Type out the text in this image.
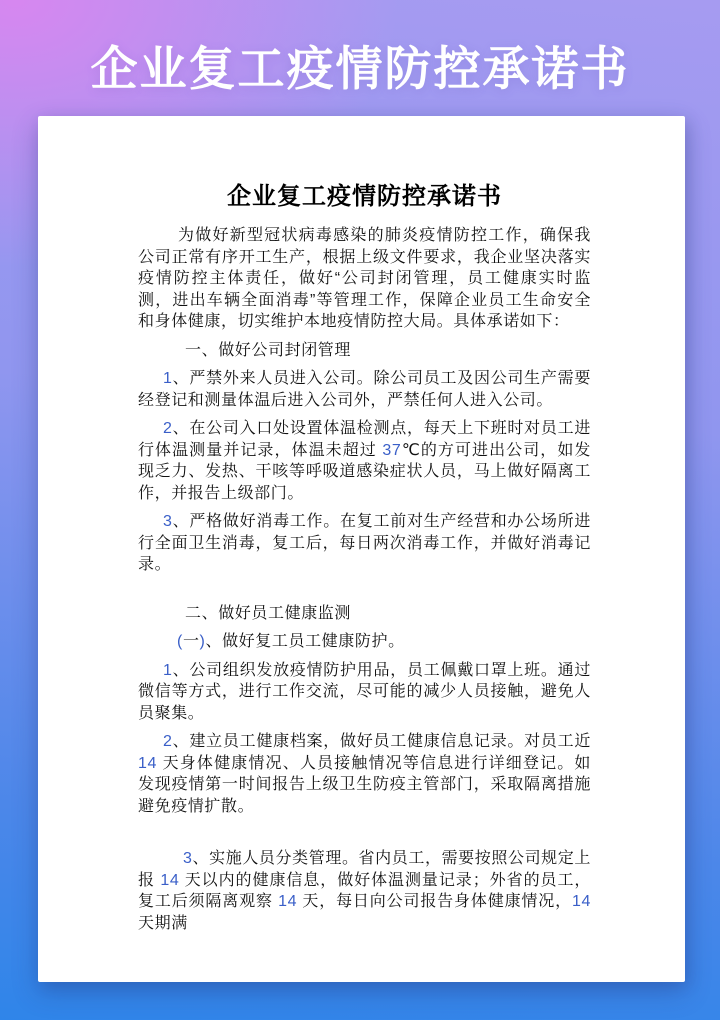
企业复工疫情防控承诺书
企业复工疫情防控承诺书

为做好新型冠状病毒感染的肺炎疫情防控工作，确保我公司正常有序开工生产，根据上级文件要求，我企业坚决落实疫情防控主体责任，做好“公司封闭管理，员工健康实时监测，进出车辆全面消毒”等管理工作，保障企业员工生命安全和身体健康，切实维护本地疫情防控大局。具体承诺如下：

一、做好公司封闭管理

1、严禁外来人员进入公司。除公司员工及因公司生产需要经登记和测量体温后进入公司外，严禁任何人进入公司。

2、在公司入口处设置体温检测点，每天上下班时对员工进行体温测量并记录，体温未超过 37℃的方可进出公司，如发现乏力、发热、干咳等呼吸道感染症状人员，马上做好隔离工作，并报告上级部门。

3、严格做好消毒工作。在复工前对生产经营和办公场所进行全面卫生消毒，复工后，每日两次消毒工作，并做好消毒记录。

二、做好员工健康监测

(一)、做好复工员工健康防护。

1、公司组织发放疫情防护用品，员工佩戴口罩上班。通过微信等方式，进行工作交流，尽可能的减少人员接触，避免人员聚集。

2、建立员工健康档案，做好员工健康信息记录。对员工近 14 天身体健康情况、人员接触情况等信息进行详细登记。如发现疫情第一时间报告上级卫生防疫主管部门，采取隔离措施避免疫情扩散。

3、实施人员分类管理。省内员工，需要按照公司规定上报 14 天以内的健康信息，做好体温测量记录；外省的员工，复工后须隔离观察 14 天，每日向公司报告身体健康情况，14 天期满
